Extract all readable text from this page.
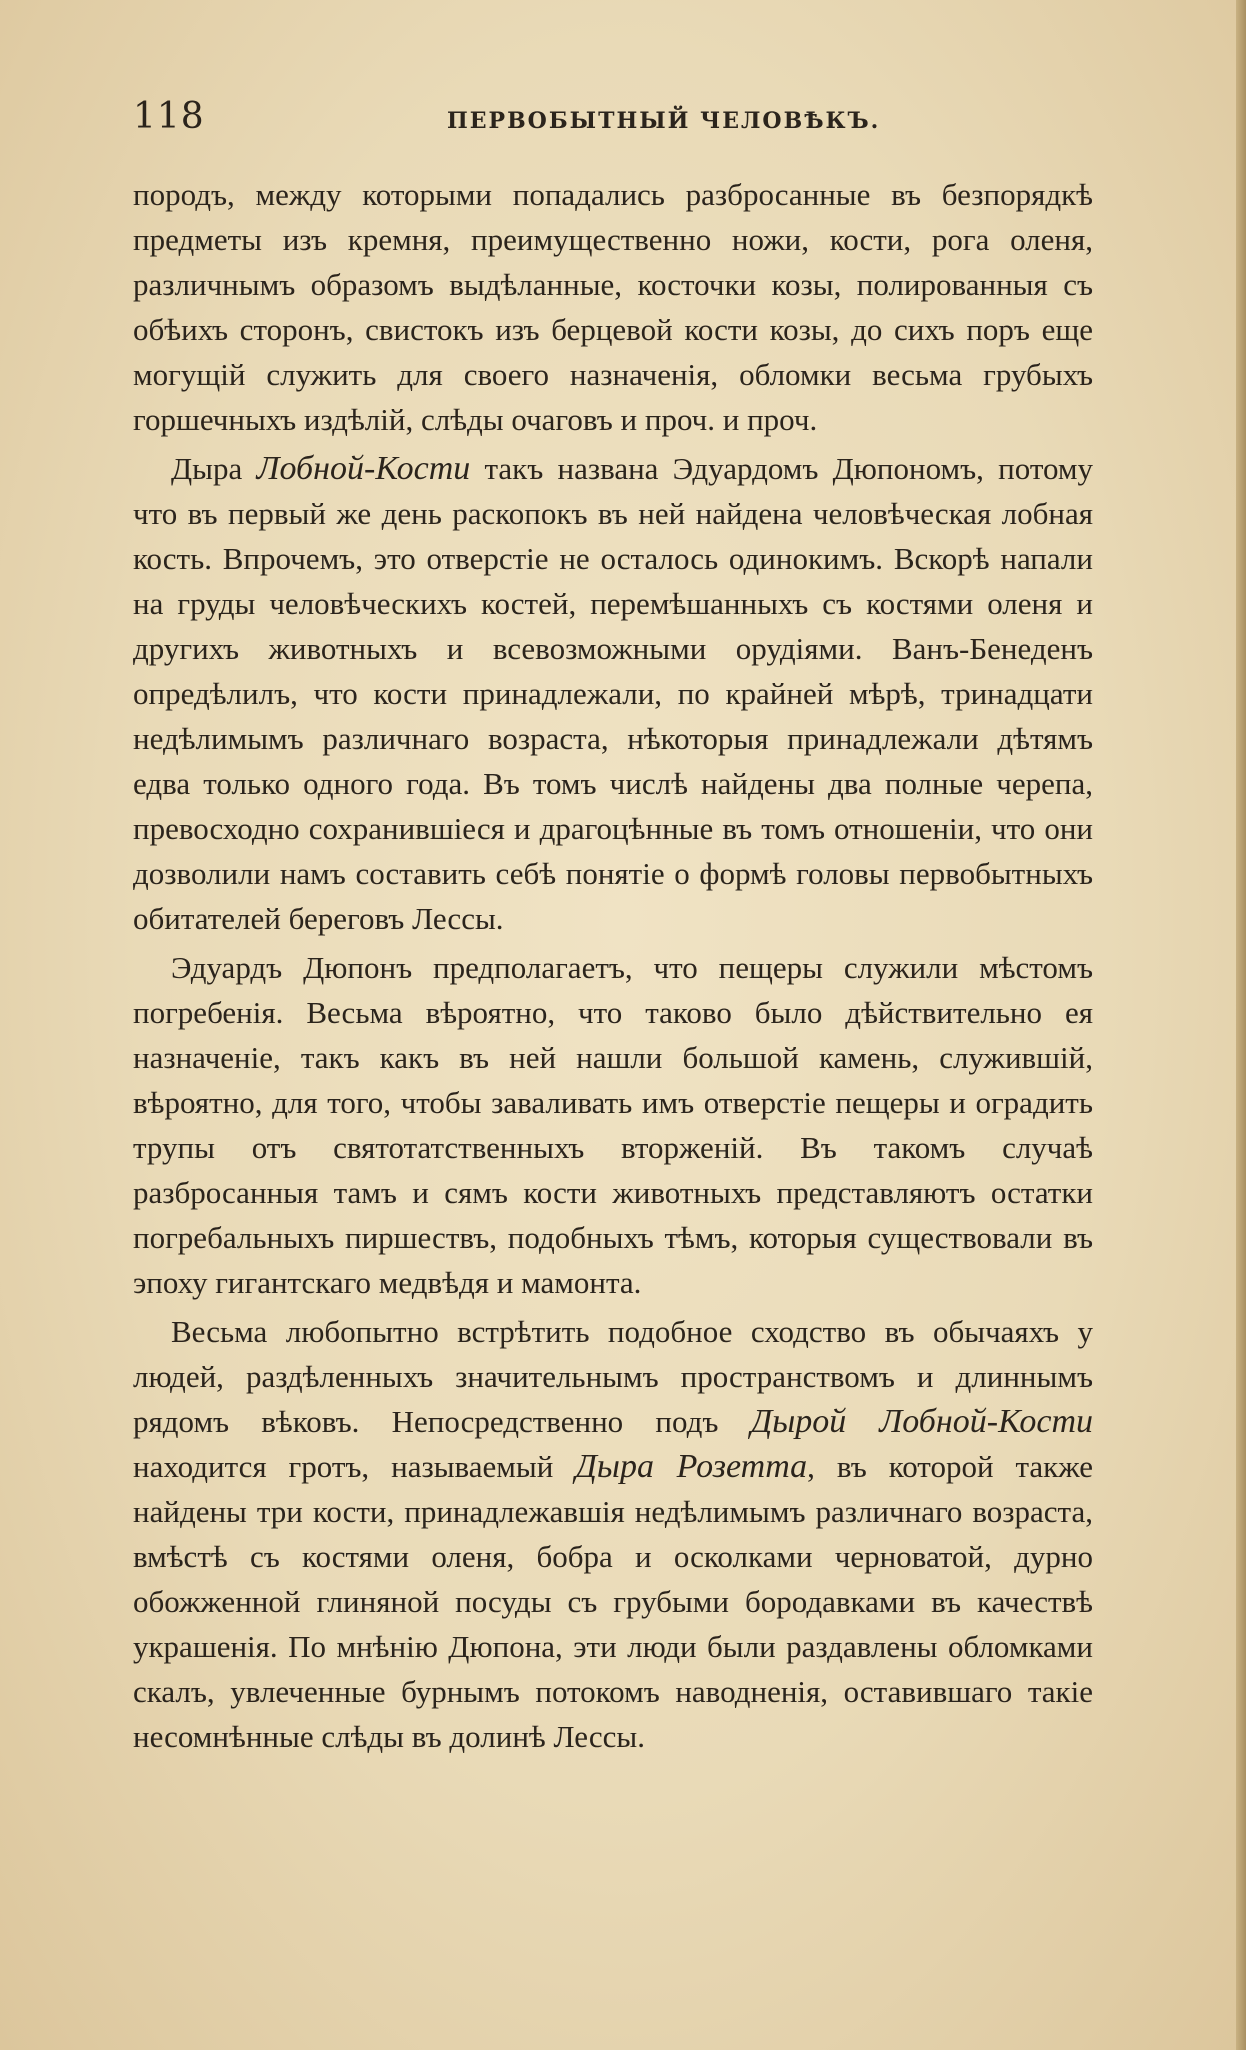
118	ПЕРВОБЫТНЫЙ ЧЕЛОВѢКЪ.

породъ, между которыми попадались разбросанные въ безпорядкѣ предметы изъ кремня, преимущественно ножи, кости, рога оленя, различнымъ образомъ выдѣланные, косточки козы, полированныя съ обѣихъ сторонъ, свистокъ изъ берцевой кости козы, до сихъ поръ еще могущій служить для своего назначенія, обломки весьма грубыхъ горшечныхъ издѣлій, слѣды очаговъ и проч. и проч.

Дыра Лобной-Кости такъ названа Эдуардомъ Дюпономъ, потому что въ первый же день раскопокъ въ ней найдена человѣческая лобная кость. Впрочемъ, это отверстіе не осталось одинокимъ. Вскорѣ напали на груды человѣческихъ костей, перемѣшанныхъ съ костями оленя и другихъ животныхъ и всевозможными орудіями. Ванъ-Бенеденъ опредѣлилъ, что кости принадлежали, по крайней мѣрѣ, тринадцати недѣлимымъ различнаго возраста, нѣкоторыя принадлежали дѣтямъ едва только одного года. Въ томъ числѣ найдены два полные черепа, превосходно сохранившіеся и драгоцѣнные въ томъ отношеніи, что они дозволили намъ составить себѣ понятіе о формѣ головы первобытныхъ обитателей береговъ Лессы.

Эдуардъ Дюпонъ предполагаетъ, что пещеры служили мѣстомъ погребенія. Весьма вѣроятно, что таково было дѣйствительно ея назначеніе, такъ какъ въ ней нашли большой камень, служившій, вѣроятно, для того, чтобы заваливать имъ отверстіе пещеры и оградить трупы отъ святотатственныхъ вторженій. Въ такомъ случаѣ разбросанныя тамъ и сямъ кости животныхъ представляютъ остатки погребальныхъ пиршествъ, подобныхъ тѣмъ, которыя существовали въ эпоху гигантскаго медвѣдя и мамонта.

Весьма любопытно встрѣтить подобное сходство въ обычаяхъ у людей, раздѣленныхъ значительнымъ пространствомъ и длиннымъ рядомъ вѣковъ. Непосредственно подъ Дырой Лобной-Кости находится гротъ, называемый Дыра Розетта, въ которой также найдены три кости, принадлежавшія недѣлимымъ различнаго возраста, вмѣстѣ съ костями оленя, бобра и осколками черноватой, дурно обожженной глиняной посуды съ грубыми бородавками въ качествѣ украшенія. По мнѣнію Дюпона, эти люди были раздавлены обломками скалъ, увлеченные бурнымъ потокомъ наводненія, оставившаго такіе несомнѣнные слѣды въ долинѣ Лессы.
